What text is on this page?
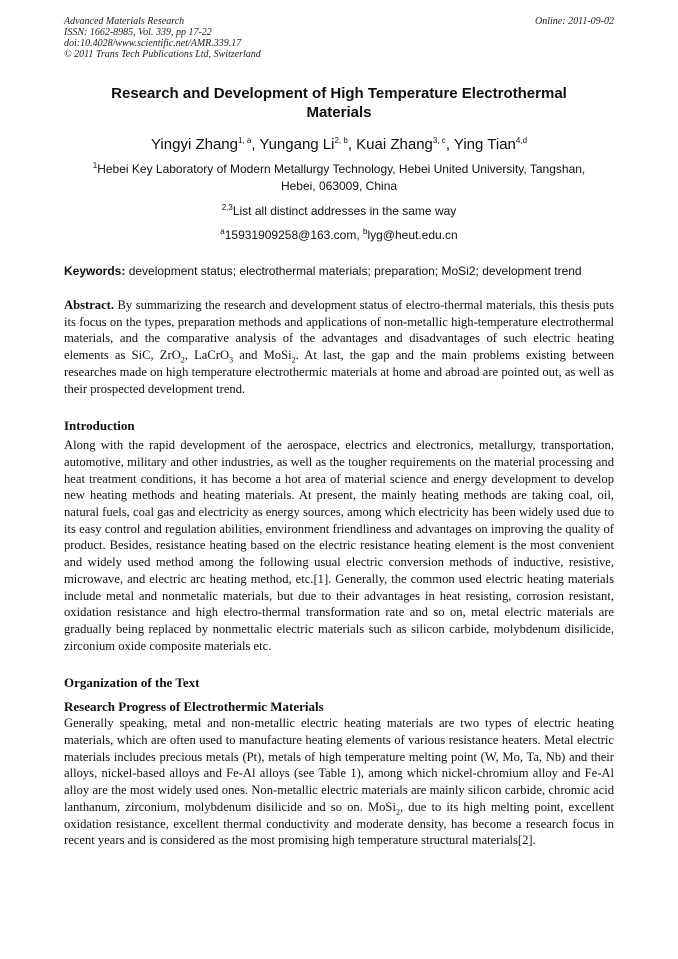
Advanced Materials Research
ISSN: 1662-8985, Vol. 339, pp 17-22
doi:10.4028/www.scientific.net/AMR.339.17
© 2011 Trans Tech Publications Ltd, Switzerland
Online: 2011-09-02
Research and Development of High Temperature Electrothermal Materials
Yingyi Zhang$^{1, a}$, Yungang Li$^{2, b}$, Kuai Zhang$^{3, c}$, Ying Tian$^{4,d}$
$^1$Hebei Key Laboratory of Modern Metallurgy Technology, Hebei United University, Tangshan, Hebei, 063009, China
$^{2,3}$List all distinct addresses in the same way
$^a$15931909258@163.com, $^b$lyg@heut.edu.cn
Keywords: development status; electrothermal materials; preparation; MoSi2; development trend

Abstract. By summarizing the research and development status of electro-thermal materials, this thesis puts its focus on the types, preparation methods and applications of non-metallic high-temperature electrothermal materials, and the comparative analysis of the advantages and disadvantages of such electric heating elements as SiC, ZrO$_2$, LaCrO$_3$ and MoSi$_2$. At last, the gap and the main problems existing between researches made on high temperature electrothermic materials at home and abroad are pointed out, as well as their prospected development trend.

Introduction

Along with the rapid development of the aerospace, electrics and electronics, metallurgy, transportation, automotive, military and other industries, as well as the tougher requirements on the material processing and heat treatment conditions, it has become a hot area of material science and energy development to develop new heating methods and heating materials. At present, the mainly heating methods are taking coal, oil, natural fuels, coal gas and electricity as energy sources, among which electricity has been widely used due to its easy control and regulation abilities, environment friendliness and advantages on improving the quality of product. Besides, resistance heating based on the electric resistance heating element is the most convenient and widely used method among the following usual electric conversion methods of inductive, resistive, microwave, and electric arc heating method, etc.[1]. Generally, the common used electric heating materials include metal and nonmetalic materials, but due to their advantages in heat resisting, corrosion resistant, oxidation resistance and high electro-thermal transformation rate and so on, metal electric materials are gradually being replaced by nonmettalic electric materials such as silicon carbide, molybdenum disilicide, zirconium oxide composite materials etc.

Organization of the Text
Research Progress of Electrothermic Materials

Generally speaking, metal and non-metallic electric heating materials are two types of electric heating materials, which are often used to manufacture heating elements of various resistance heaters. Metal electric materials includes precious metals (Pt), metals of high temperature melting point (W, Mo, Ta, Nb) and their alloys, nickel-based alloys and Fe-Al alloys (see Table 1), among which nickel-chromium alloy and Fe-Al alloy are the most widely used ones. Non-metallic electric materials are mainly silicon carbide, chromic acid lanthanum, zirconium, molybdenum disilicide and so on. MoSi$_2$, due to its high melting point, excellent oxidation resistance, excellent thermal conductivity and moderate density, has become a research focus in recent years and is considered as the most promising high temperature structural materials[2].
